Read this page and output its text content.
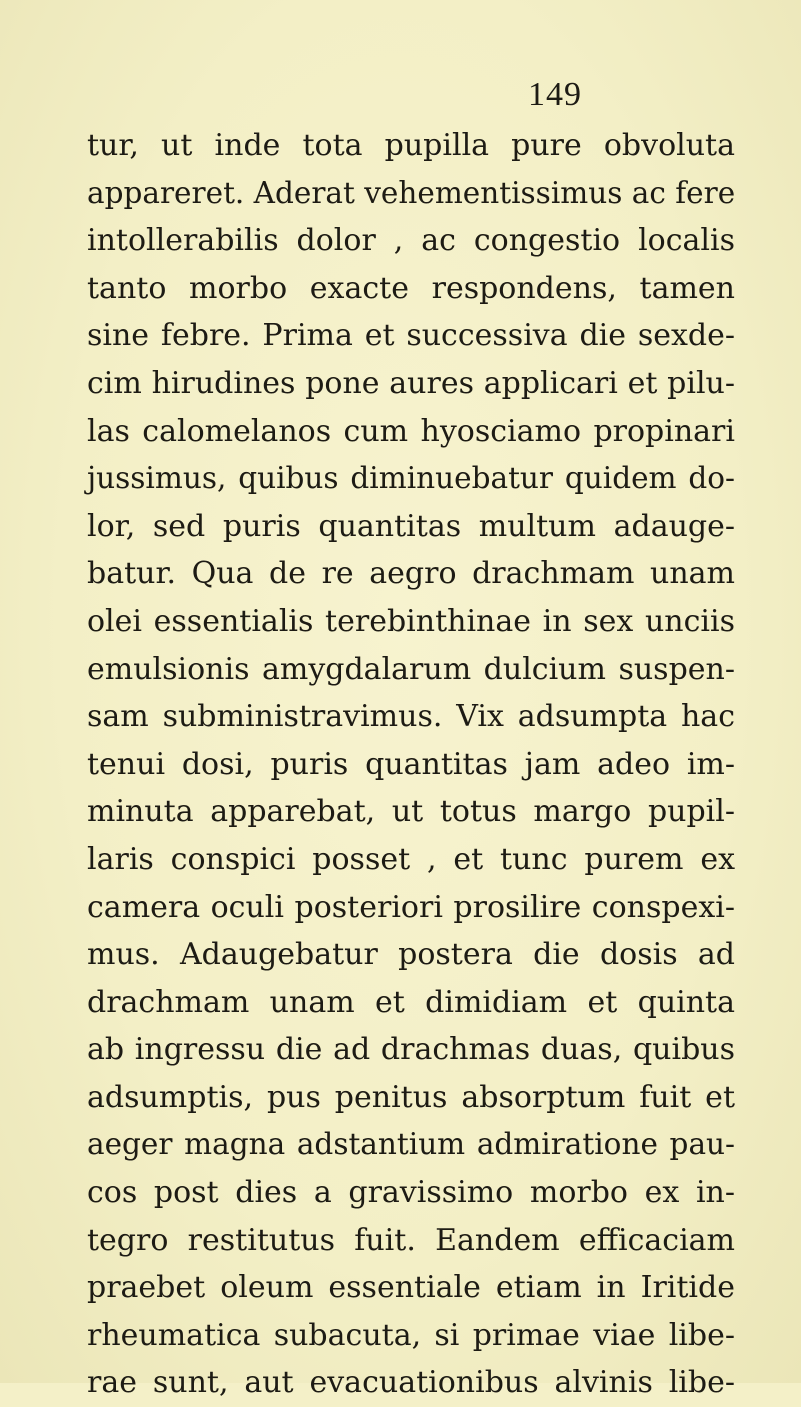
149
tur, ut inde tota pupilla pure obvoluta
appareret. Aderat vehementissimus ac fere
intollerabilis dolor , ac congestio localis
tanto morbo exacte respondens, tamen
sine febre. Prima et successiva die sexde-
cim hirudines pone aures applicari et pilu-
las calomelanos cum hyosciamo propinari
jussimus, quibus diminuebatur quidem do-
lor, sed puris quantitas multum adauge-
batur. Qua de re aegro drachmam unam
olei essentialis terebinthinae in sex unciis
emulsionis amygdalarum dulcium suspen-
sam subministravimus. Vix adsumpta hac
tenui dosi, puris quantitas jam adeo im-
minuta apparebat, ut totus margo pupil-
laris conspici posset , et tunc purem ex
camera oculi posteriori prosilire conspexi-
mus. Adaugebatur postera die dosis ad
drachmam unam et dimidiam et quinta
ab ingressu die ad drachmas duas, quibus
adsumptis, pus penitus absorptum fuit et
aeger magna adstantium admiratione pau-
cos post dies a gravissimo morbo ex in-
tegro restitutus fuit. Eandem efficaciam
praebet oleum essentiale etiam in Iritide
rheumatica subacuta, si primae viae libe-
rae sunt, aut evacuationibus alvinis libe-
